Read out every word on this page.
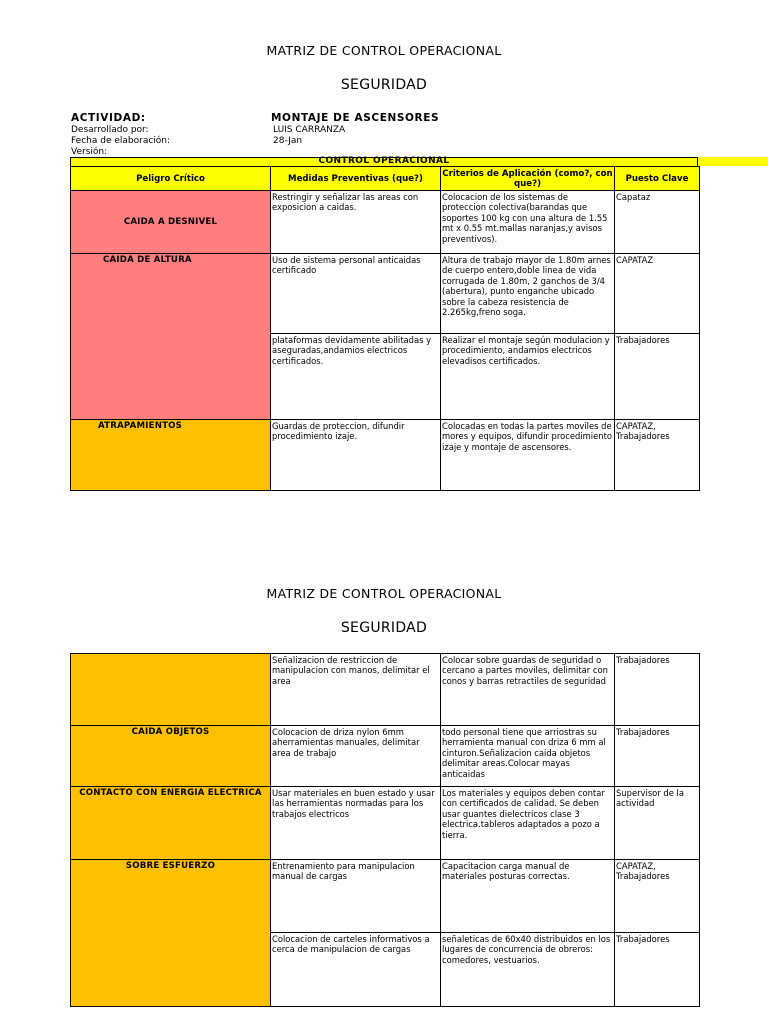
MATRIZ DE CONTROL OPERACIONAL
SEGURIDAD
ACTIVIDAD:	MONTAJE DE ASCENSORES
Desarrollado por:	LUIS CARRANZA
Fecha de elaboración:	28-Jan
Versión:
CONTROL OPERACIONAL
Peligro Crítico	Medidas Preventivas (que?)	Criterios de Aplicación (como?, con que?)	Puesto Clave
CAIDA A DESNIVEL	Restringir y señalizar las areas con exposicion a caidas.	Colocacion de los sistemas de proteccion colectiva(barandas que soportes 100 kg con una altura de 1.55 mt x 0.55 mt.mallas naranjas,y avisos preventivos).	Capataz
CAIDA DE ALTURA	Uso de sistema personal anticaidas certificado	Altura de trabajo mayor de 1.80m arnes de cuerpo entero,doble linea de vida corrugada de 1.80m, 2 ganchos de 3/4 (abertura), punto enganche ubicado sobre la cabeza resistencia de 2.265kg,freno soga.	CAPATAZ
	plataformas devidamente abilitadas y aseguradas,andamios electricos certificados.	Realizar el montaje según modulacion y procedimiento, andamios electricos elevadisos certificados.	Trabajadores
ATRAPAMIENTOS	Guardas de proteccion, difundir procedimiento izaje.	Colocadas en todas la partes moviles de mores y equipos, difundir procedimiento izaje y montaje de ascensores.	CAPATAZ, Trabajadores
MATRIZ DE CONTROL OPERACIONAL
SEGURIDAD
	Señalizacion de restriccion de manipulacion con manos, delimitar el area	Colocar sobre guardas de seguridad o cercano a partes moviles, delimitar con conos y barras retractiles de seguridad	Trabajadores
CAIDA OBJETOS	Colocacion de driza nylon 6mm aherramientas manuales, delimitar area de trabajo	todo personal tiene que arriostras su herramienta manual con driza 6 mm al cinturon.Señalizacion caida objetos delimitar areas.Colocar mayas anticaidas	Trabajadores
CONTACTO CON ENERGIA ELECTRICA	Usar materiales en buen estado y usar las herramientas normadas para los trabajos electricos	Los materiales y equipos deben contar con certificados de calidad. Se deben usar guantes dielectricos clase 3 electrica.tableros adaptados a pozo a tierra.	Supervisor de la actividad
SOBRE ESFUERZO	Entrenamiento para manipulacion manual de cargas	Capacitacion carga manual de materiales posturas correctas.	CAPATAZ, Trabajadores
	Colocacion de carteles informativos a cerca de manipulacion de cargas	señaleticas de 60x40 distribuidos en los lugares de concurrencia de obreros: comedores, vestuarios.	Trabajadores
